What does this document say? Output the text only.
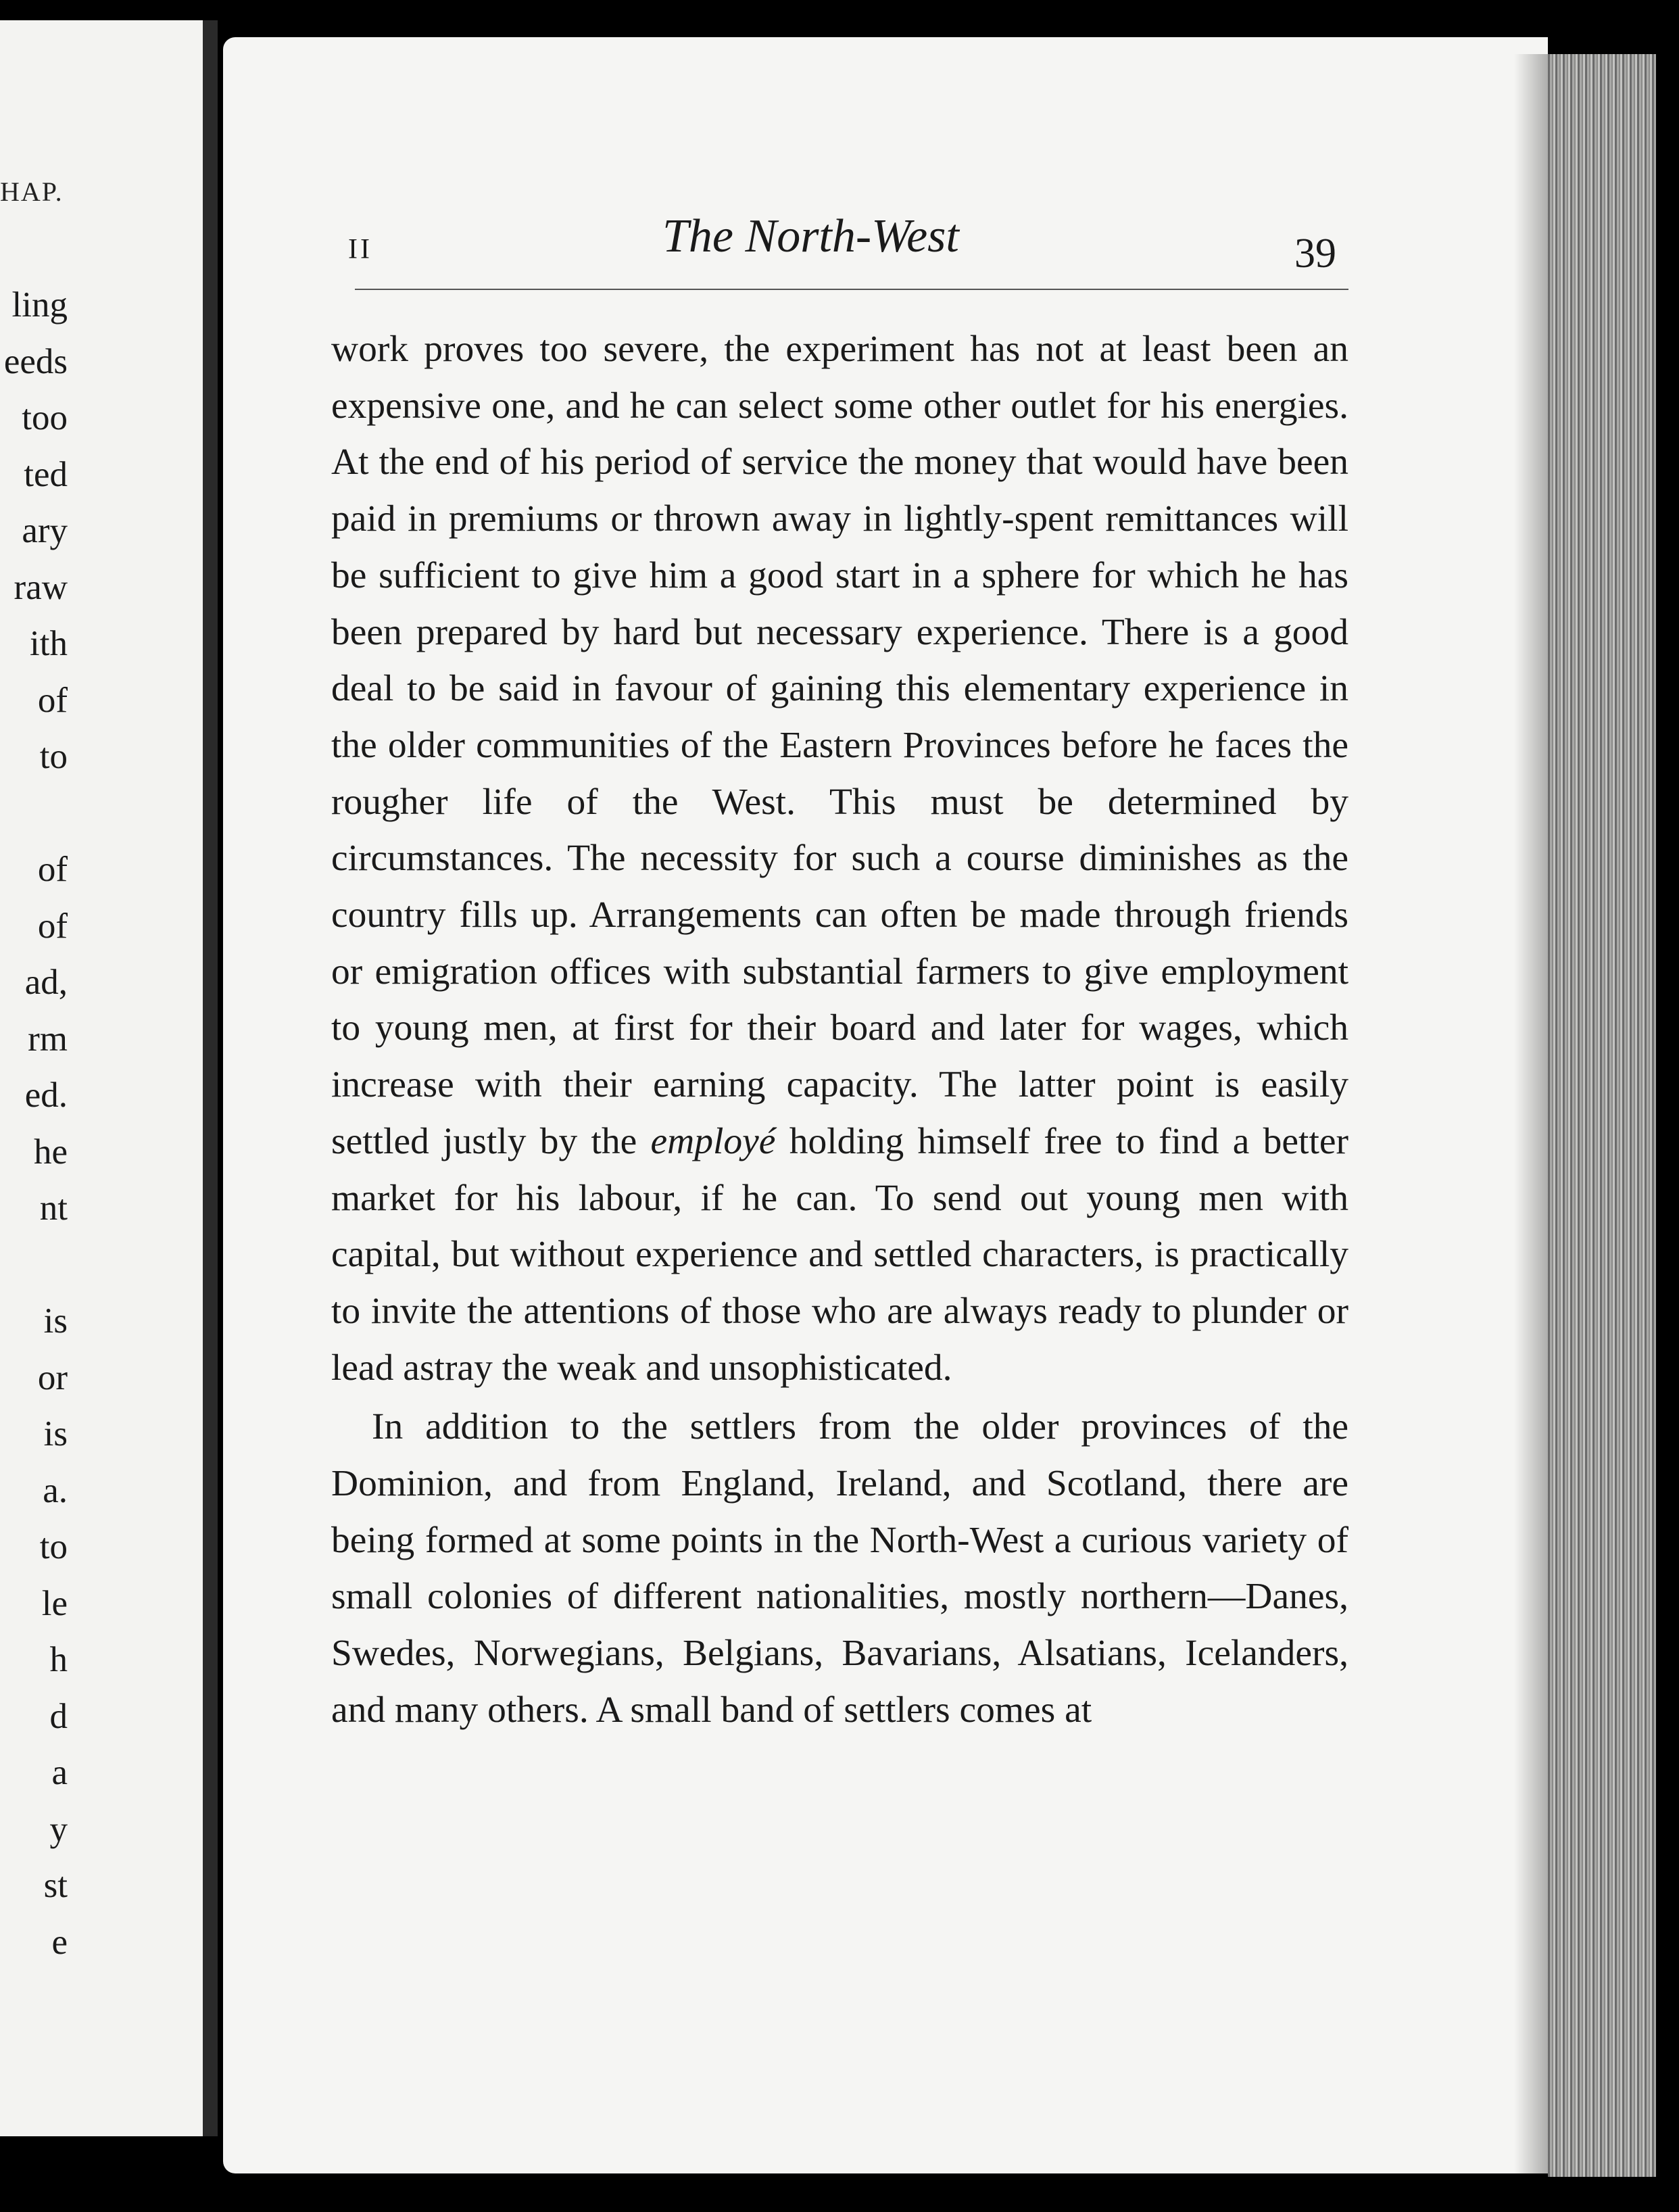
HAP.
ling
eeds
too
ted
ary
raw
ith
of
to
of
of
ad,
rm
ed.
he
nt
is
or
is
a.
to
le
h
d
a
y
st
e
II	The North-West	39

work proves too severe, the experiment has not at least been an expensive one, and he can select some other outlet for his energies. At the end of his period of service the money that would have been paid in premiums or thrown away in lightly-spent remittances will be sufficient to give him a good start in a sphere for which he has been prepared by hard but necessary experience. There is a good deal to be said in favour of gaining this elementary experience in the older communities of the Eastern Provinces before he faces the rougher life of the West. This must be determined by circumstances. The necessity for such a course diminishes as the country fills up. Arrangements can often be made through friends or emigration offices with substantial farmers to give employment to young men, at first for their board and later for wages, which increase with their earning capacity. The latter point is easily settled justly by the employé holding himself free to find a better market for his labour, if he can. To send out young men with capital, but without experience and settled characters, is practically to invite the attentions of those who are always ready to plunder or lead astray the weak and unsophisticated.

In addition to the settlers from the older provinces of the Dominion, and from England, Ireland, and Scotland, there are being formed at some points in the North-West a curious variety of small colonies of different nationalities, mostly northern—Danes, Swedes, Norwegians, Belgians, Bavarians, Alsatians, Icelanders, and many others. A small band of settlers comes at
